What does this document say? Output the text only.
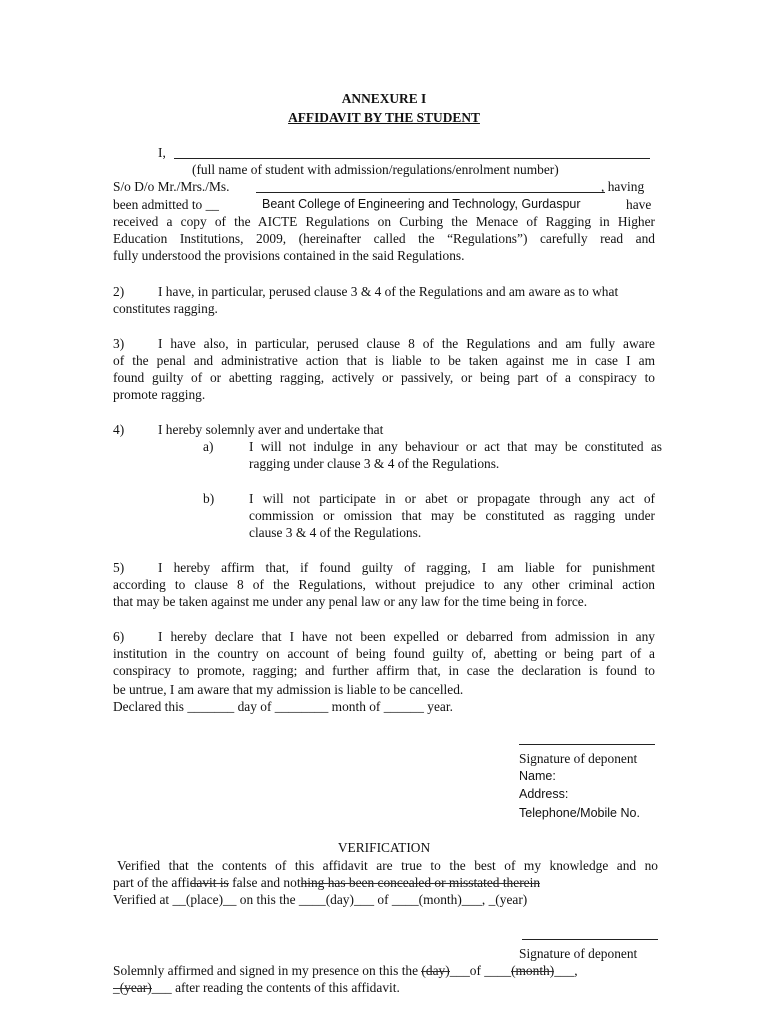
ANNEXURE I
AFFIDAVIT BY THE STUDENT
I,
(full name of student with admission/regulations/enrolment number)
S/o D/o Mr./Mrs./Ms.	, having
been admitted to __	Beant College of Engineering and Technology, Gurdaspur	have
received a copy of the AICTE Regulations on Curbing the Menace of Ragging in Higher
Education Institutions, 2009, (hereinafter called the “Regulations”) carefully read and
fully understood the provisions contained in the said Regulations.
2)	I have, in particular, perused clause 3 & 4 of the Regulations and am aware as to what
constitutes ragging.
3)	I have also, in particular, perused clause 8 of the Regulations and am fully aware
of the penal and administrative action that is liable to be taken against me in case I am
found guilty of or abetting ragging, actively or passively, or being part of a conspiracy to
promote ragging.
4)	I hereby solemnly aver and undertake that
a)	I will not indulge in any behaviour or act that may be constituted as
ragging under clause 3 & 4 of the Regulations.
b)	I will not participate in or abet or propagate through any act of
commission or omission that may be constituted as ragging under
clause 3 & 4 of the Regulations.
5)	I hereby affirm that, if found guilty of ragging, I am liable for punishment
according to clause 8 of the Regulations, without prejudice to any other criminal action
that may be taken against me under any penal law or any law for the time being in force.
6)	I hereby declare that I have not been expelled or debarred from admission in any
institution in the country on account of being found guilty of, abetting or being part of a
conspiracy to promote, ragging; and further affirm that, in case the declaration is found to
be untrue, I am aware that my admission is liable to be cancelled.
Declared this _______ day of ________ month of ______ year.
Signature of deponent
Name:
Address:
Telephone/Mobile No.
VERIFICATION
Verified that the contents of this affidavit are true to the best of my knowledge and no
part of the affidavit is false and nothing has been concealed or misstated therein
Verified at __(place)__ on this the ____(day)___ of ____(month)___, _(year)
Signature of deponent
Solemnly affirmed and signed in my presence on this the (day)___of ____(month)___,
_(year)___ after reading the contents of this affidavit.
